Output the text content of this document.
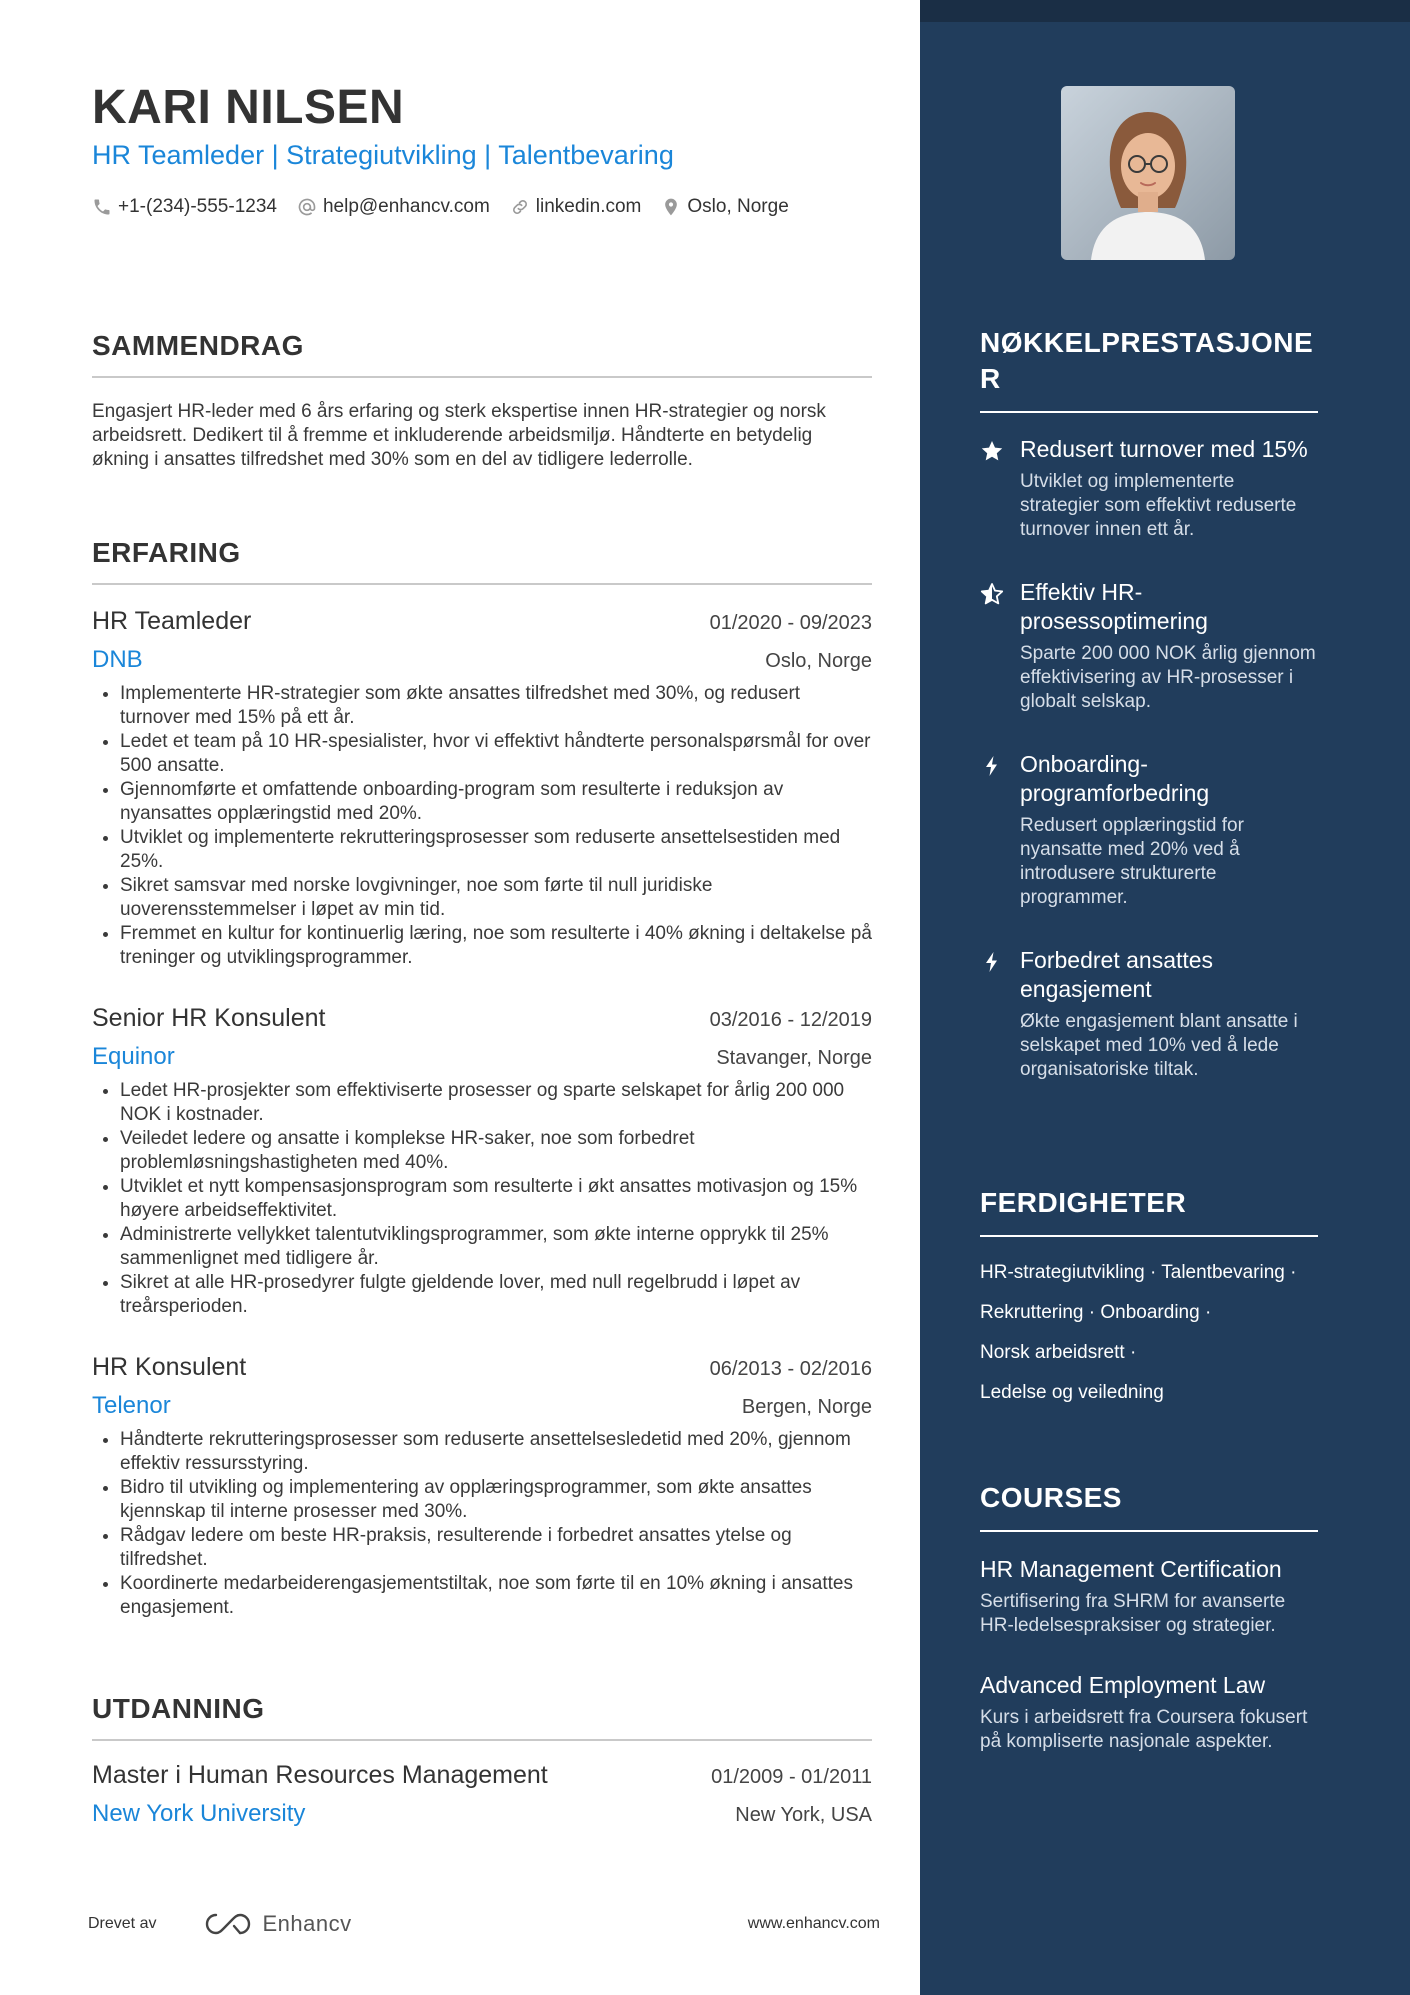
KARI NILSEN
HR Teamleder | Strategiutvikling | Talentbevaring
+1-(234)-555-1234 help@enhancv.com linkedin.com Oslo, Norge
SAMMENDRAG
Engasjert HR-leder med 6 års erfaring og sterk ekspertise innen HR-strategier og norsk arbeidsrett. Dedikert til å fremme et inkluderende arbeidsmiljø. Håndterte en betydelig økning i ansattes tilfredshet med 30% som en del av tidligere lederrolle.
ERFARING
HR Teamleder	01/2020 - 09/2023
DNB	Oslo, Norge
• Implementerte HR-strategier som økte ansattes tilfredshet med 30%, og redusert turnover med 15% på ett år.
• Ledet et team på 10 HR-spesialister, hvor vi effektivt håndterte personalspørsmål for over 500 ansatte.
• Gjennomførte et omfattende onboarding-program som resulterte i reduksjon av nyansattes opplæringstid med 20%.
• Utviklet og implementerte rekrutteringsprosesser som reduserte ansettelsestiden med 25%.
• Sikret samsvar med norske lovgivninger, noe som førte til null juridiske uoverensstemmelser i løpet av min tid.
• Fremmet en kultur for kontinuerlig læring, noe som resulterte i 40% økning i deltakelse på treninger og utviklingsprogrammer.
Senior HR Konsulent	03/2016 - 12/2019
Equinor	Stavanger, Norge
• Ledet HR-prosjekter som effektiviserte prosesser og sparte selskapet for årlig 200 000 NOK i kostnader.
• Veiledet ledere og ansatte i komplekse HR-saker, noe som forbedret problemløsningshastigheten med 40%.
• Utviklet et nytt kompensasjonsprogram som resulterte i økt ansattes motivasjon og 15% høyere arbeidseffektivitet.
• Administrerte vellykket talentutviklingsprogrammer, som økte interne opprykk til 25% sammenlignet med tidligere år.
• Sikret at alle HR-prosedyrer fulgte gjeldende lover, med null regelbrudd i løpet av treårsperioden.
HR Konsulent	06/2013 - 02/2016
Telenor	Bergen, Norge
• Håndterte rekrutteringsprosesser som reduserte ansettelsesledetid med 20%, gjennom effektiv ressursstyring.
• Bidro til utvikling og implementering av opplæringsprogrammer, som økte ansattes kjennskap til interne prosesser med 30%.
• Rådgav ledere om beste HR-praksis, resulterende i forbedret ansattes ytelse og tilfredshet.
• Koordinerte medarbeiderengasjementstiltak, noe som førte til en 10% økning i ansattes engasjement.
UTDANNING
Master i Human Resources Management	01/2009 - 01/2011
New York University	New York, USA
Drevet av	Enhancv	www.enhancv.com
NØKKELPRESTASJONER
Redusert turnover med 15%
Utviklet og implementerte strategier som effektivt reduserte turnover innen ett år.
Effektiv HR-prosessoptimering
Sparte 200 000 NOK årlig gjennom effektivisering av HR-prosesser i globalt selskap.
Onboarding-programforbedring
Redusert opplæringstid for nyansatte med 20% ved å introdusere strukturerte programmer.
Forbedret ansattes engasjement
Økte engasjement blant ansatte i selskapet med 10% ved å lede organisatoriske tiltak.
FERDIGHETER
HR-strategiutvikling · Talentbevaring ·
Rekruttering · Onboarding ·
Norsk arbeidsrett ·
Ledelse og veiledning
COURSES
HR Management Certification
Sertifisering fra SHRM for avanserte HR-ledelsespraksiser og strategier.
Advanced Employment Law
Kurs i arbeidsrett fra Coursera fokusert på kompliserte nasjonale aspekter.
